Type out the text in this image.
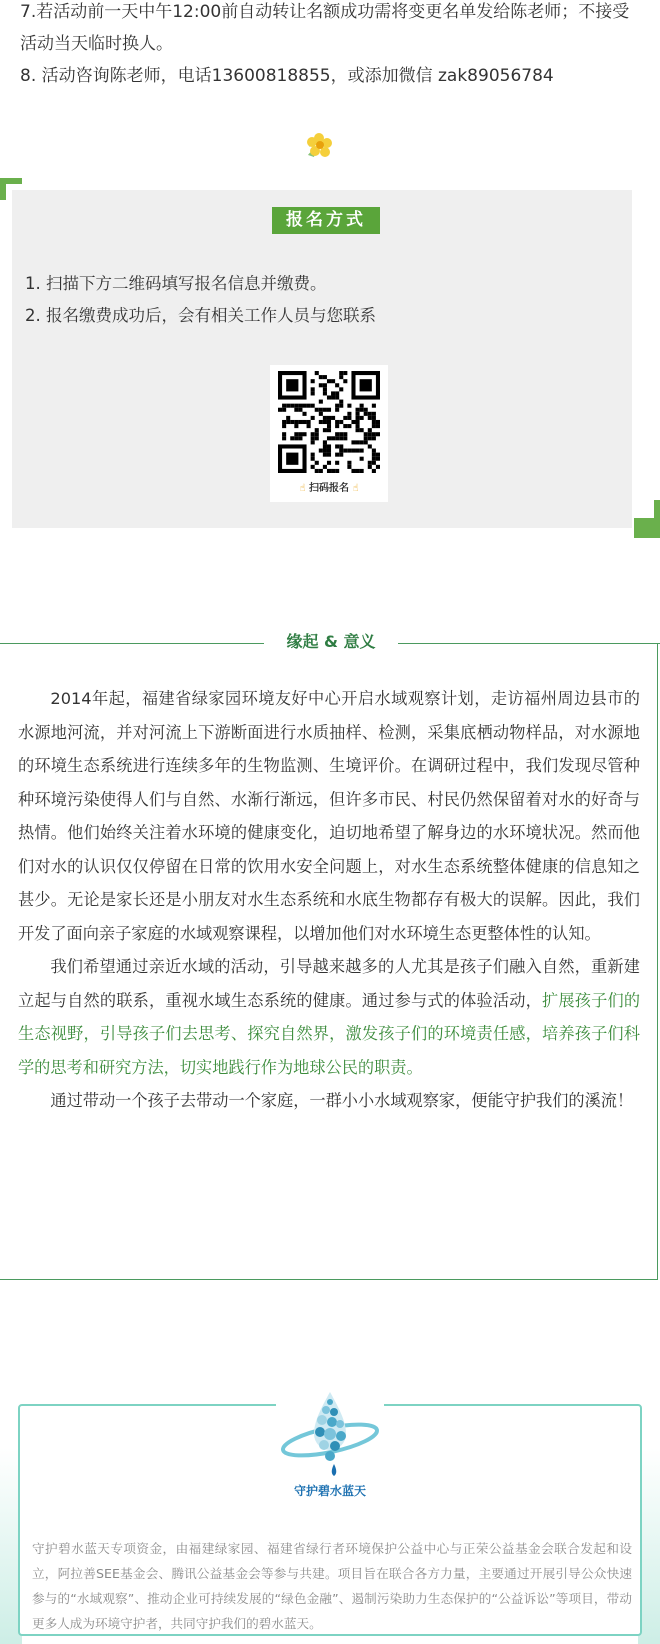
7.若活动前一天中午12:00前自动转让名额成功需将变更名单发给陈老师；不接受活动当天临时换人。
8. 活动咨询陈老师，电话13600818855，或添加微信 zak89056784
报名方式
1. 扫描下方二维码填写报名信息并缴费。
2. 报名缴费成功后，会有相关工作人员与您联系
☝ 扫码报名 ☝
缘起 & 意义

2014年起，福建省绿家园环境友好中心开启水域观察计划，走访福州周边县市的水源地河流，并对河流上下游断面进行水质抽样、检测，采集底栖动物样品，对水源地的环境生态系统进行连续多年的生物监测、生境评价。在调研过程中，我们发现尽管种种环境污染使得人们与自然、水渐行渐远，但许多市民、村民仍然保留着对水的好奇与热情。他们始终关注着水环境的健康变化，迫切地希望了解身边的水环境状况。然而他们对水的认识仅仅停留在日常的饮用水安全问题上，对水生态系统整体健康的信息知之甚少。无论是家长还是小朋友对水生态系统和水底生物都存有极大的误解。因此，我们开发了面向亲子家庭的水域观察课程，以增加他们对水环境生态更整体性的认知。

我们希望通过亲近水域的活动，引导越来越多的人尤其是孩子们融入自然，重新建立起与自然的联系，重视水域生态系统的健康。通过参与式的体验活动，扩展孩子们的生态视野，引导孩子们去思考、探究自然界，激发孩子们的环境责任感，培养孩子们科学的思考和研究方法，切实地践行作为地球公民的职责。

通过带动一个孩子去带动一个家庭，一群小小水域观察家，便能守护我们的溪流！

守护碧水蓝天
守护碧水蓝天专项资金，由福建绿家园、福建省绿行者环境保护公益中心与正荣公益基金会联合发起和设立，阿拉善SEE基金会、腾讯公益基金会等参与共建。项目旨在联合各方力量，主要通过开展引导公众快速参与的“水域观察”、推动企业可持续发展的“绿色金融”、遏制污染助力生态保护的“公益诉讼”等项目，带动更多人成为环境守护者，共同守护我们的碧水蓝天。
